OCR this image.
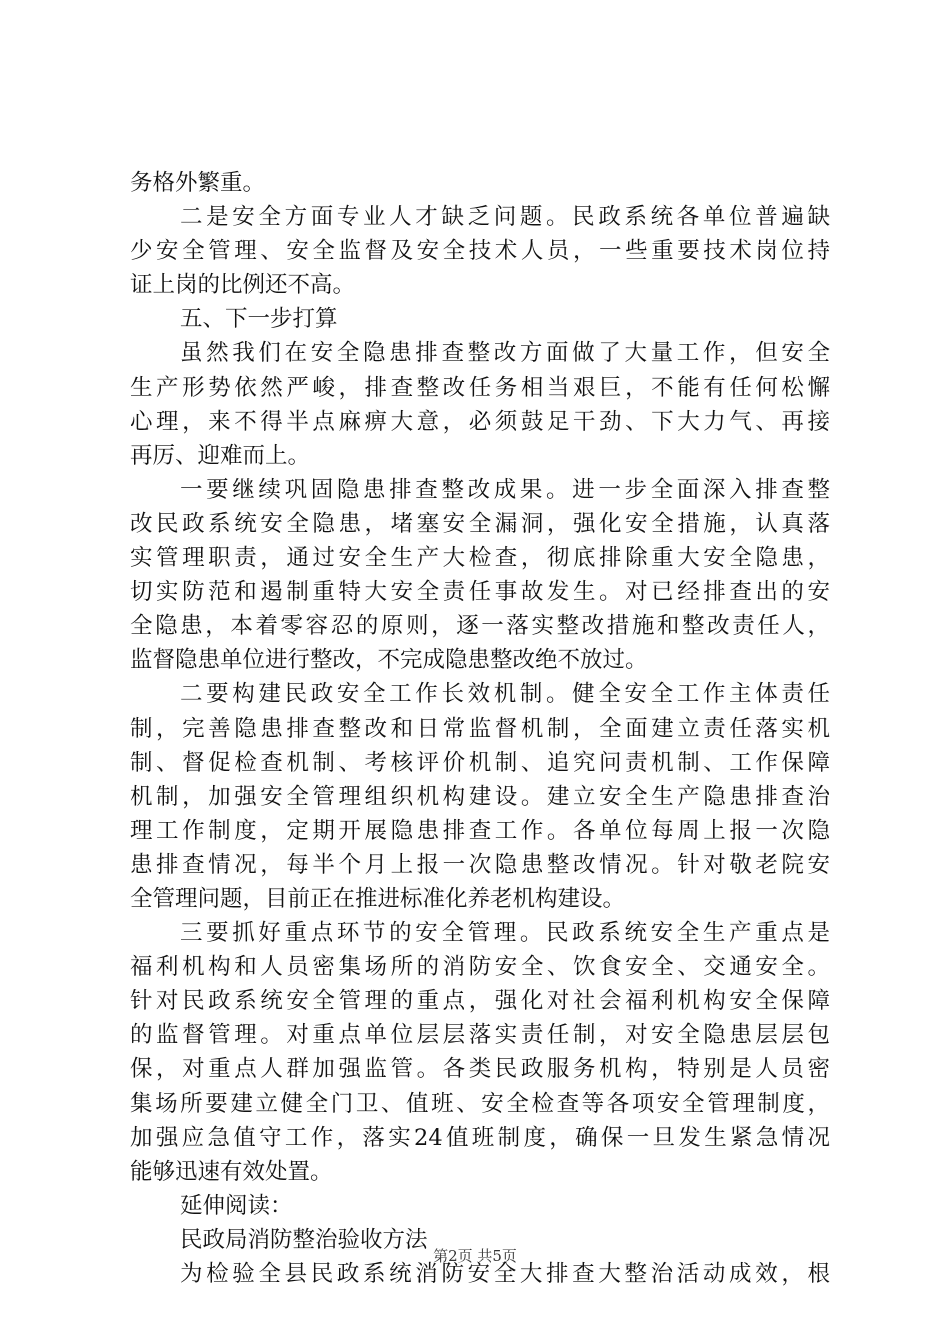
务格外繁重。
二是安全方面专业人才缺乏问题。民政系统各单位普遍缺
少安全管理、安全监督及安全技术人员，一些重要技术岗位持
证上岗的比例还不高。
五、下一步打算
虽然我们在安全隐患排查整改方面做了大量工作，但安全
生产形势依然严峻，排查整改任务相当艰巨，不能有任何松懈
心理，来不得半点麻痹大意，必须鼓足干劲、下大力气、再接
再厉、迎难而上。
一要继续巩固隐患排查整改成果。进一步全面深入排查整
改民政系统安全隐患，堵塞安全漏洞，强化安全措施，认真落
实管理职责，通过安全生产大检查，彻底排除重大安全隐患，
切实防范和遏制重特大安全责任事故发生。对已经排查出的安
全隐患，本着零容忍的原则，逐一落实整改措施和整改责任人，
监督隐患单位进行整改，不完成隐患整改绝不放过。
二要构建民政安全工作长效机制。健全安全工作主体责任
制，完善隐患排查整改和日常监督机制，全面建立责任落实机
制、督促检查机制、考核评价机制、追究问责机制、工作保障
机制，加强安全管理组织机构建设。建立安全生产隐患排查治
理工作制度，定期开展隐患排查工作。各单位每周上报一次隐
患排查情况，每半个月上报一次隐患整改情况。针对敬老院安
全管理问题，目前正在推进标准化养老机构建设。
三要抓好重点环节的安全管理。民政系统安全生产重点是
福利机构和人员密集场所的消防安全、饮食安全、交通安全。
针对民政系统安全管理的重点，强化对社会福利机构安全保障
的监督管理。对重点单位层层落实责任制，对安全隐患层层包
保，对重点人群加强监管。各类民政服务机构，特别是人员密
集场所要建立健全门卫、值班、安全检查等各项安全管理制度，
加强应急值守工作，落实24值班制度，确保一旦发生紧急情况
能够迅速有效处置。
延伸阅读：
民政局消防整治验收方法
为检验全县民政系统消防安全大排查大整治活动成效，根
第2页 共5页
